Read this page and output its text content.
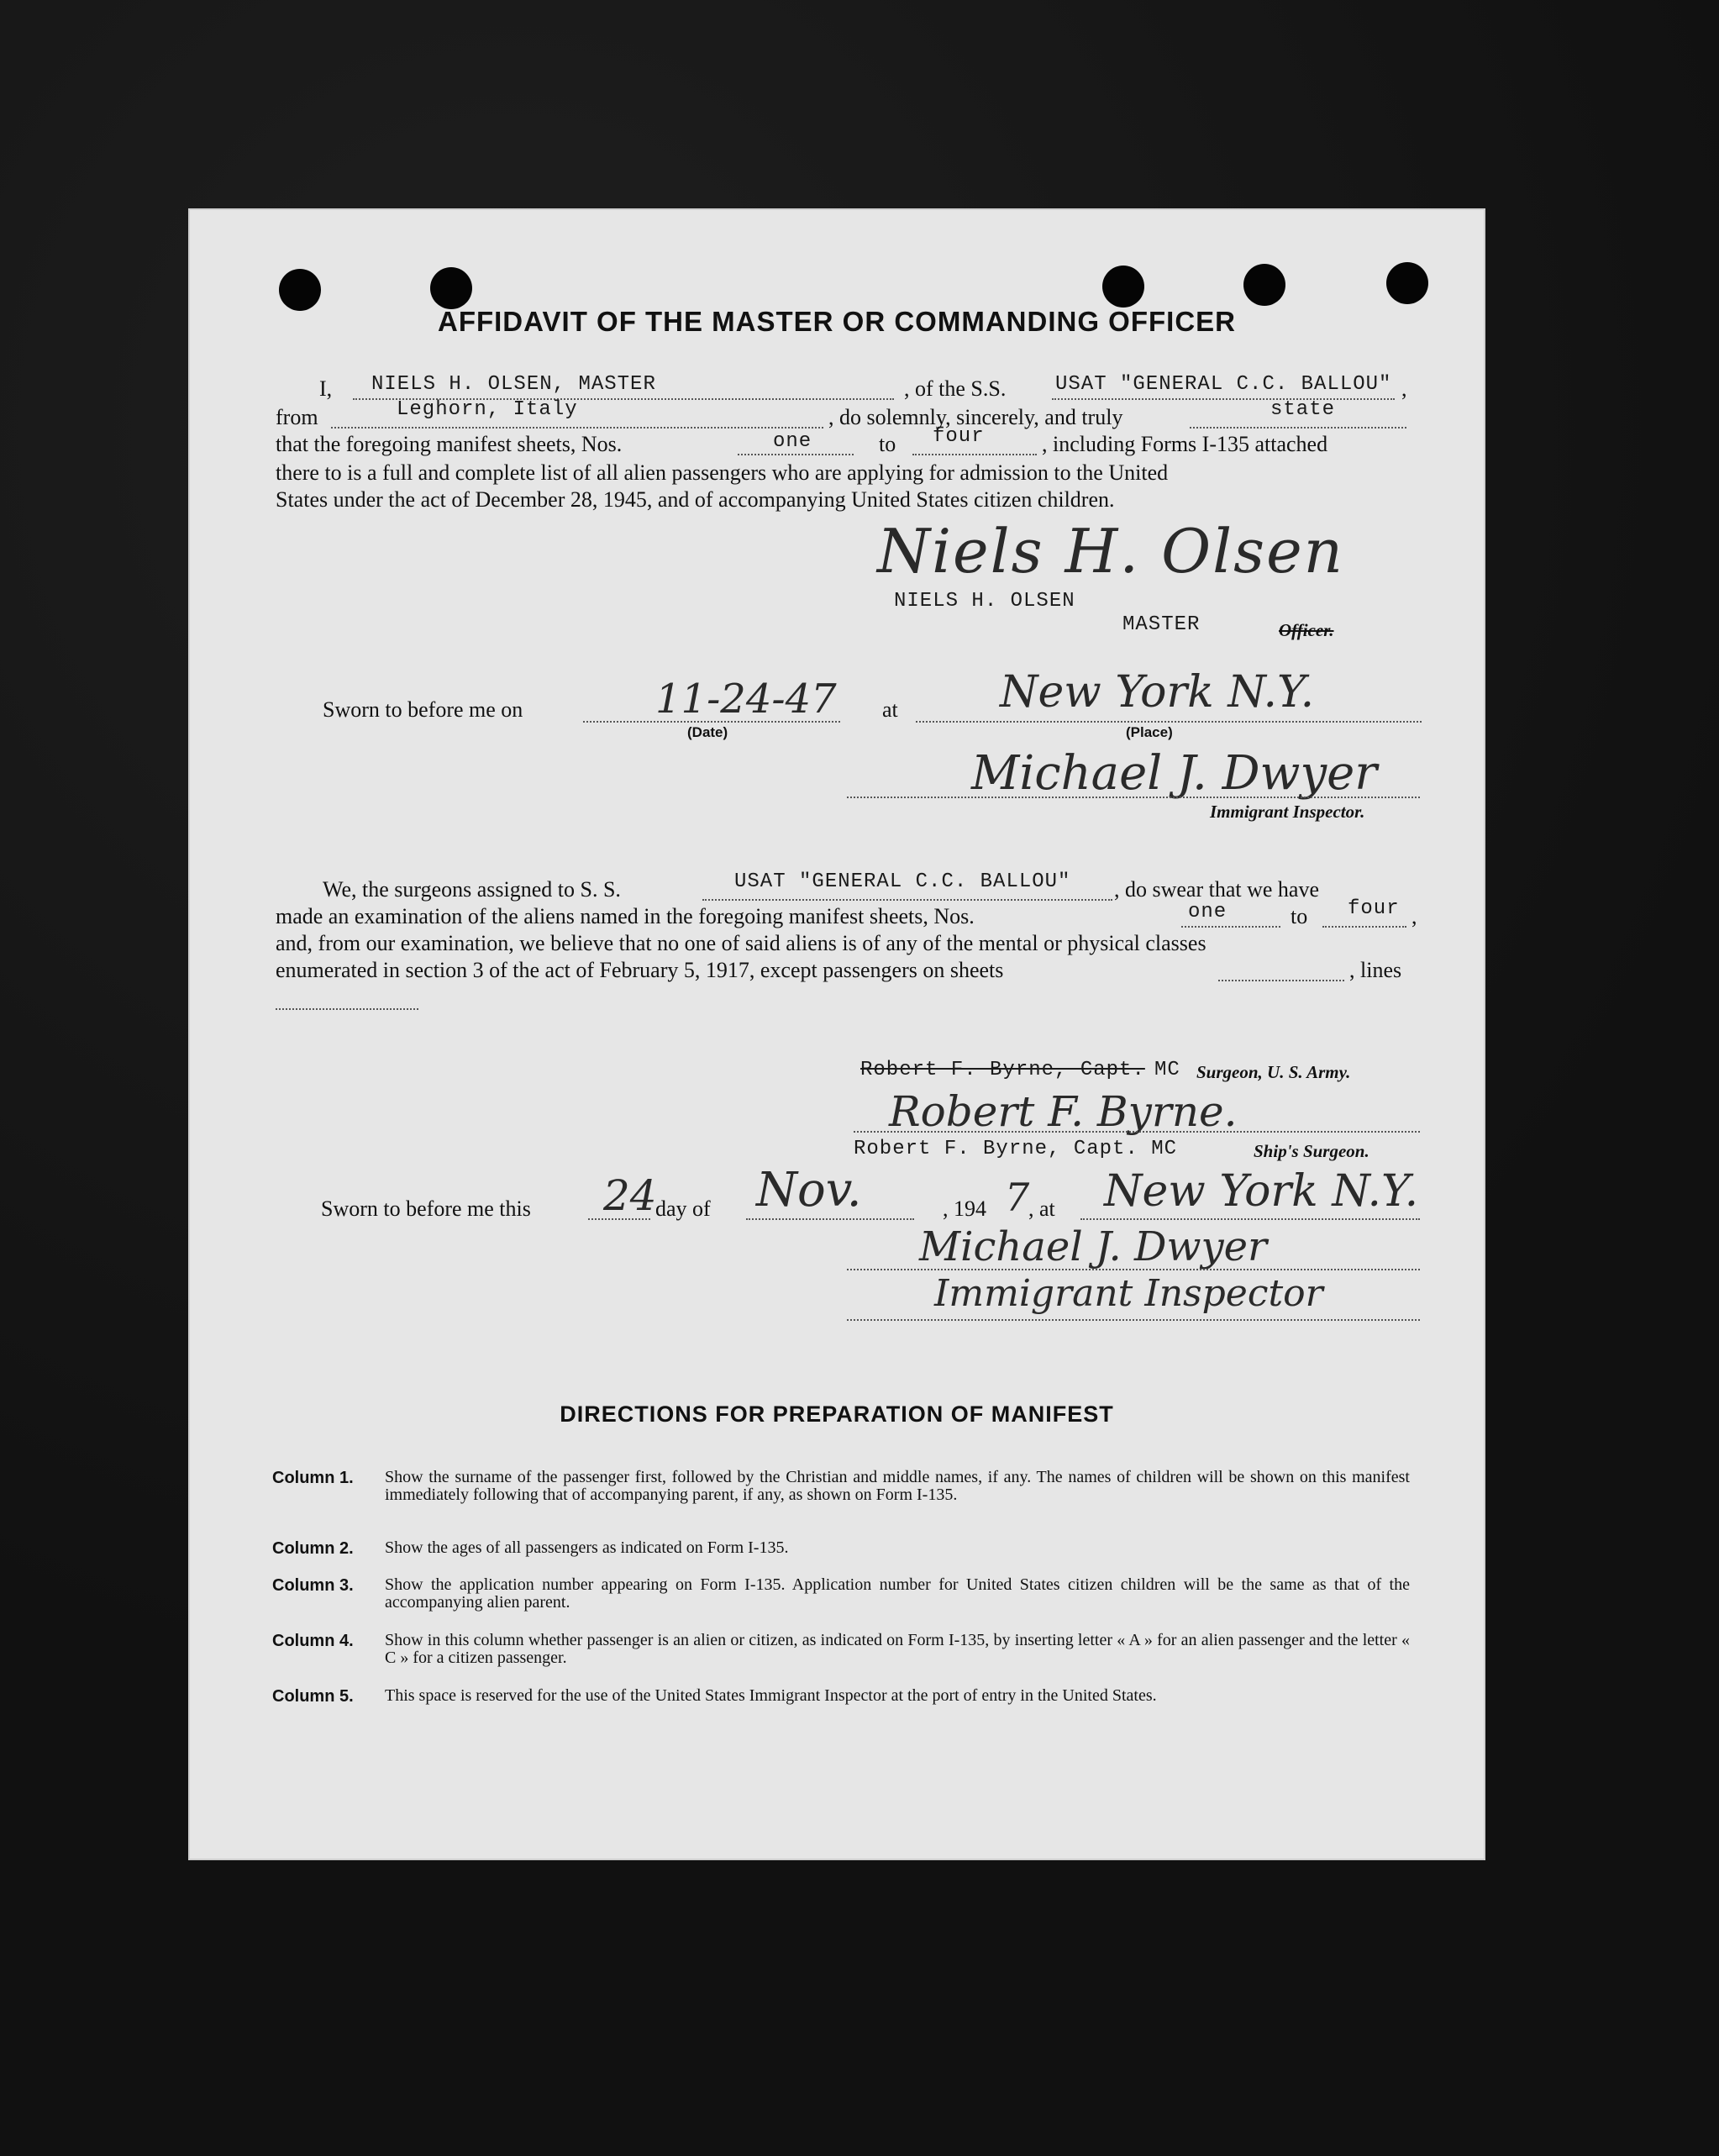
AFFIDAVIT OF THE MASTER OR COMMANDING OFFICER
I, NIELS H. OLSEN, MASTER	, of the S.S. USAT "GENERAL C.C. BALLOU" ,
from	Leghorn, Italy	, do solemnly, sincerely, and truly	state
that the foregoing manifest sheets, Nos.	one	to four	, including Forms I-135 attached
there to is a full and complete list of all alien passengers who are applying for admission to the United
States under the act of December 28, 1945, and of accompanying United States citizen children.
Niels H. Olsen
NIELS H. OLSEN
MASTER	Officer.
Sworn to before me on	11-24-47
(Date)
at New York N.Y.
(Place)
Michael J. Dwyer
Immigrant Inspector.
We, the surgeons assigned to S. S.	USAT "GENERAL C.C. BALLOU" , do swear that we have
made an examination of the aliens named in the foregoing manifest sheets, Nos.	one	to four ,
and, from our examination, we believe that no one of said aliens is of any of the mental or physical classes
enumerated in section 3 of the act of February 5, 1917, except passengers on sheets	, lines
Robert F. Byrne, Capt. MC Surgeon, U. S. Army.
Robert F. Byrne.
Robert F. Byrne, Capt. MC	Ship's Surgeon.
Sworn to before me this 24
day of Nov.	, 194 7
, at New York N.Y.
Michael J. Dwyer
Immigrant Inspector
DIRECTIONS FOR PREPARATION OF MANIFEST
Column 1. Show the surname of the passenger first, followed by the Christian and middle names, if any. The names of children will be shown on this manifest immediately following that of accompanying parent, if any, as shown on Form I-135.
Column 2. Show the ages of all passengers as indicated on Form I-135.
Column 3. Show the application number appearing on Form I-135. Application number for United States citizen children will be the same as that of the accompanying alien parent.
Column 4. Show in this column whether passenger is an alien or citizen, as indicated on Form I-135, by inserting letter « A » for an alien passenger and the letter « C » for a citizen passenger.
Column 5. This space is reserved for the use of the United States Immigrant Inspector at the port of entry in the United States.
